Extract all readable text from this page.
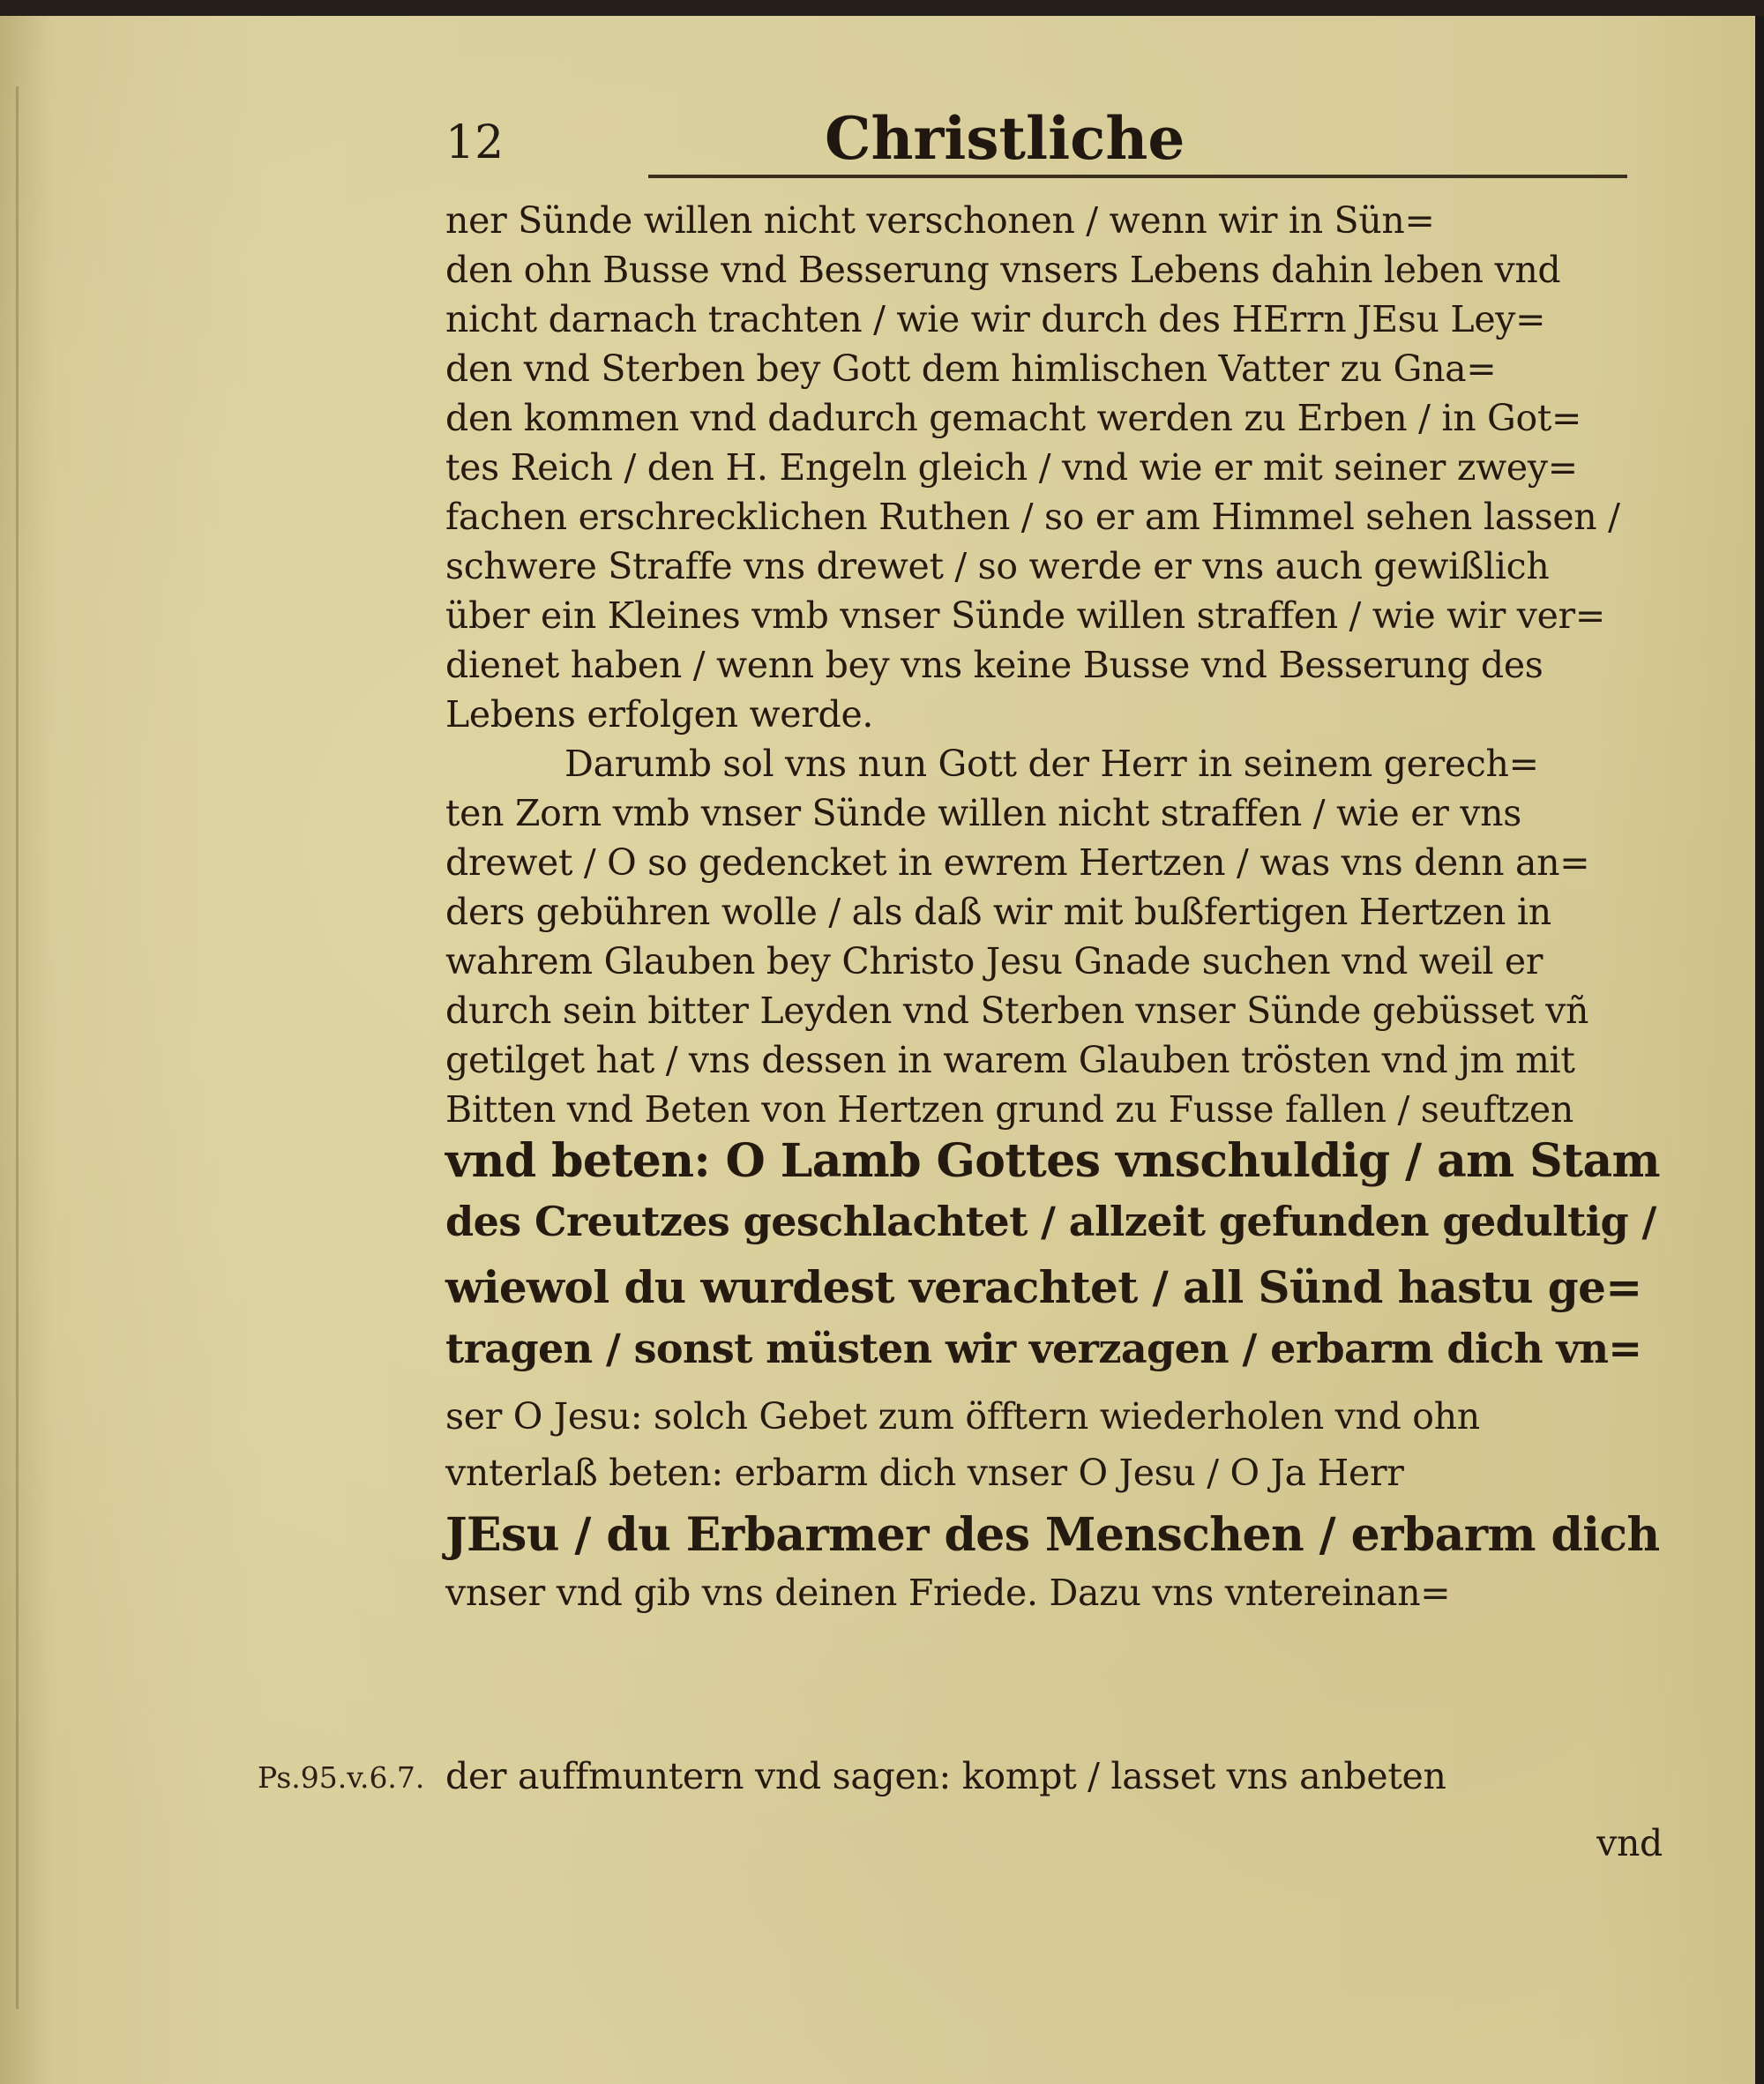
12	Christliche
Ps.95.v.6.7.
ner Sünde willen nicht verschonen / wenn wir in Sün=
den ohn Busse vnd Besserung vnsers Lebens dahin leben vnd
nicht darnach trachten / wie wir durch des HErrn JEsu Ley=
den vnd Sterben bey Gott dem himlischen Vatter zu Gna=
den kommen vnd dadurch gemacht werden zu Erben / in Got=
tes Reich / den H. Engeln gleich / vnd wie er mit seiner zwey=
fachen erschrecklichen Ruthen / so er am Himmel sehen lassen /
schwere Straffe vns drewet / so werde er vns auch gewißlich
über ein Kleines vmb vnser Sünde willen straffen / wie wir ver=
dienet haben / wenn bey vns keine Busse vnd Besserung des
Lebens erfolgen werde.
Darumb sol vns nun Gott der Herr in seinem gerech=
ten Zorn vmb vnser Sünde willen nicht straffen / wie er vns
drewet / O so gedencket in ewrem Hertzen / was vns denn an=
ders gebühren wolle / als daß wir mit bußfertigen Hertzen in
wahrem Glauben bey Christo Jesu Gnade suchen vnd weil er
durch sein bitter Leyden vnd Sterben vnser Sünde gebüsset vñ
getilget hat / vns dessen in warem Glauben trösten vnd jm mit
Bitten vnd Beten von Hertzen grund zu Fusse fallen / seuftzen
vnd beten: O Lamb Gottes vnschuldig / am Stam
des Creutzes geschlachtet / allzeit gefunden gedultig /
wiewol du wurdest verachtet / all Sünd hastu ge=
tragen / sonst müsten wir verzagen / erbarm dich vn=
ser O Jesu: solch Gebet zum öfftern wiederholen vnd ohn
vnterlaß beten: erbarm dich vnser O Jesu / O Ja Herr
JEsu / du Erbarmer des Menschen / erbarm dich
vnser vnd gib vns deinen Friede. Dazu vns vntereinan=
der auffmuntern vnd sagen: kompt / lasset vns anbeten
vnd
